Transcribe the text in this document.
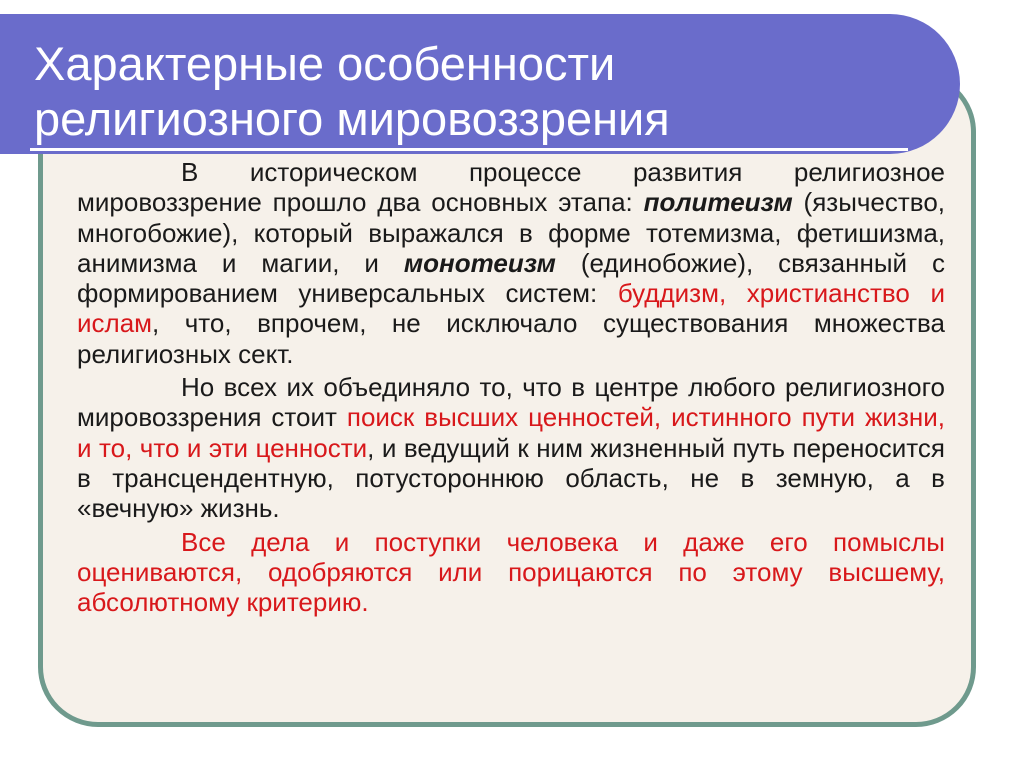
Характерные особенности
религиозного мировоззрения

В историческом процессе развития религиозное мировоззрение прошло два основных этапа: политеизм (язычество, многобожие), который выражался в форме тотемизма, фетишизма, анимизма и магии, и монотеизм (единобожие), связанный с формированием универсальных систем: буддизм, христианство и ислам, что, впрочем, не исключало существования множества религиозных сект.

Но всех их объединяло то, что в центре любого религиозного мировоззрения стоит поиск высших ценностей, истинного пути жизни, и то, что и эти ценности, и ведущий к ним жизненный путь переносится в трансцендентную, потустороннюю область, не в земную, а в «вечную» жизнь.

Все дела и поступки человека и даже его помыслы оцениваются, одобряются или порицаются по этому высшему, абсолютному критерию.
